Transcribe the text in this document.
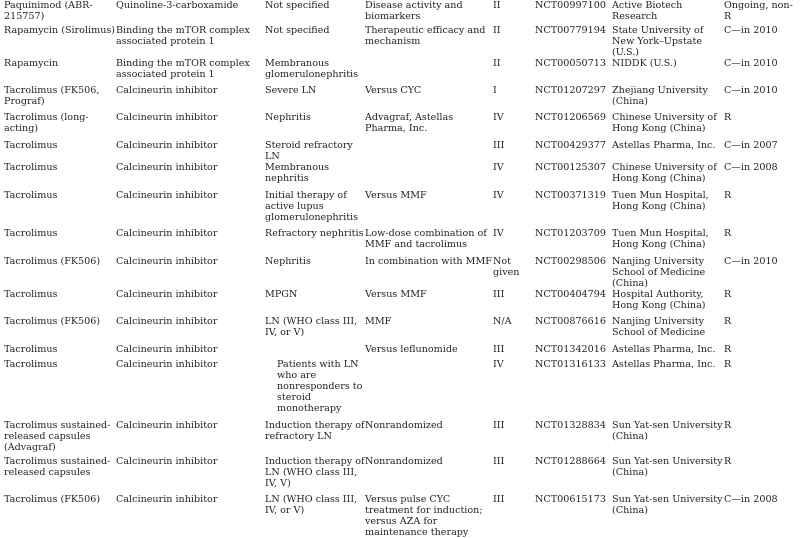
	Paquinimod (ABR-215757)	Quinoline-3-carboxamide	Not specified	Disease activity and biomarkers	II	NCT00997100	Active Biotech Research	Ongoing, non-R
	Rapamycin (Sirolimus)	Binding the mTOR complex associated protein 1	Not specified	Therapeutic efficacy and mechanism	II	NCT00779194	State University of New York–Upstate (U.S.)	C—in 2010
	Rapamycin	Binding the mTOR complex associated protein 1	Membranous glomerulonephritis		II	NCT00050713	NIDDK (U.S.)	C—in 2010
	Tacrolimus (FK506, Prograf)	Calcineurin inhibitor	Severe LN	Versus CYC	I	NCT01207297	Zhejiang University (China)	C—in 2010
	Tacrolimus (long-acting)	Calcineurin inhibitor	Nephritis	Advagraf, Astellas Pharma, Inc.	IV	NCT01206569	Chinese University of Hong Kong (China)	R
	Tacrolimus	Calcineurin inhibitor	Steroid refractory LN		III	NCT00429377	Astellas Pharma, Inc.	C—in 2007
	Tacrolimus	Calcineurin inhibitor	Membranous nephritis		IV	NCT00125307	Chinese University of Hong Kong (China)	C—in 2008
	Tacrolimus	Calcineurin inhibitor	Initial therapy of active lupus glomerulonephritis	Versus MMF	IV	NCT00371319	Tuen Mun Hospital, Hong Kong (China)	R
	Tacrolimus	Calcineurin inhibitor	Refractory nephritis	Low-dose combination of MMF and tacrolimus	IV	NCT01203709	Tuen Mun Hospital, Hong Kong (China)	R
	Tacrolimus (FK506)	Calcineurin inhibitor	Nephritis	In combination with MMF	Not given	NCT00298506	Nanjing University School of Medicine (China)	C—in 2010
	Tacrolimus	Calcineurin inhibitor	MPGN	Versus MMF	III	NCT00404794	Hospital Authority, Hong Kong (China)	R
	Tacrolimus (FK506)	Calcineurin inhibitor	LN (WHO class III, IV, or V)	MMF	N/A	NCT00876616	Nanjing University School of Medicine	R
	Tacrolimus	Calcineurin inhibitor		Versus leflunomide	III	NCT01342016	Astellas Pharma, Inc.	R
	Tacrolimus	Calcineurin inhibitor	Patients with LN who are nonresponders to steroid monotherapy		IV	NCT01316133	Astellas Pharma, Inc.	R
	Tacrolimus sustained-released capsules (Advagraf)	Calcineurin inhibitor	Induction therapy of refractory LN	Nonrandomized	III	NCT01328834	Sun Yat-sen University (China)	R
	Tacrolimus sustained-released capsules	Calcineurin inhibitor	Induction therapy of LN (WHO class III, IV, V)	Nonrandomized	III	NCT01288664	Sun Yat-sen University (China)	R
	Tacrolimus (FK506)	Calcineurin inhibitor	LN (WHO class III, IV, or V)	Versus pulse CYC treatment for induction; versus AZA for maintenance therapy	III	NCT00615173	Sun Yat-sen University (China)	C—in 2008
